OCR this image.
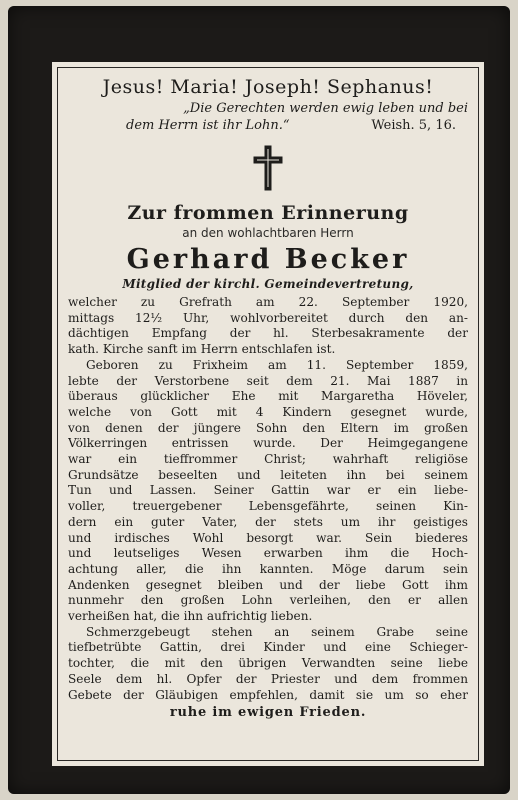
Jesus! Maria! Joseph! Sephanus!

„Die Gerechten werden ewig leben und bei
dem Herrn ist ihr Lohn.“	Weish. 5, 16.
Zur frommen Erinnerung
an den wohlachtbaren Herrn
Gerhard Becker
Mitglied der kirchl. Gemeindevertretung,
welcher zu Grefrath am 22. September 1920,
mittags 12½ Uhr, wohlvorbereitet durch den an-
dächtigen Empfang der hl. Sterbesakramente der
kath. Kirche sanft im Herrn entschlafen ist.
Geboren zu Frixheim am 11. September 1859,
lebte der Verstorbene seit dem 21. Mai 1887 in
überaus glücklicher Ehe mit Margaretha Höveler,
welche von Gott mit 4 Kindern gesegnet wurde,
von denen der jüngere Sohn den Eltern im großen
Völkerringen entrissen wurde. Der Heimgegangene
war ein tieffrommer Christ; wahrhaft religiöse
Grundsätze beseelten und leiteten ihn bei seinem
Tun und Lassen. Seiner Gattin war er ein liebe-
voller, treuergebener Lebensgefährte, seinen Kin-
dern ein guter Vater, der stets um ihr geistiges
und irdisches Wohl besorgt war. Sein biederes
und leutseliges Wesen erwarben ihm die Hoch-
achtung aller, die ihn kannten. Möge darum sein
Andenken gesegnet bleiben und der liebe Gott ihm
nunmehr den großen Lohn verleihen, den er allen
verheißen hat, die ihn aufrichtig lieben.
Schmerzgebeugt stehen an seinem Grabe seine
tiefbetrübte Gattin, drei Kinder und eine Schieger-
tochter, die mit den übrigen Verwandten seine liebe
Seele dem hl. Opfer der Priester und dem frommen
Gebete der Gläubigen empfehlen, damit sie um so eher
ruhe im ewigen Frieden.
